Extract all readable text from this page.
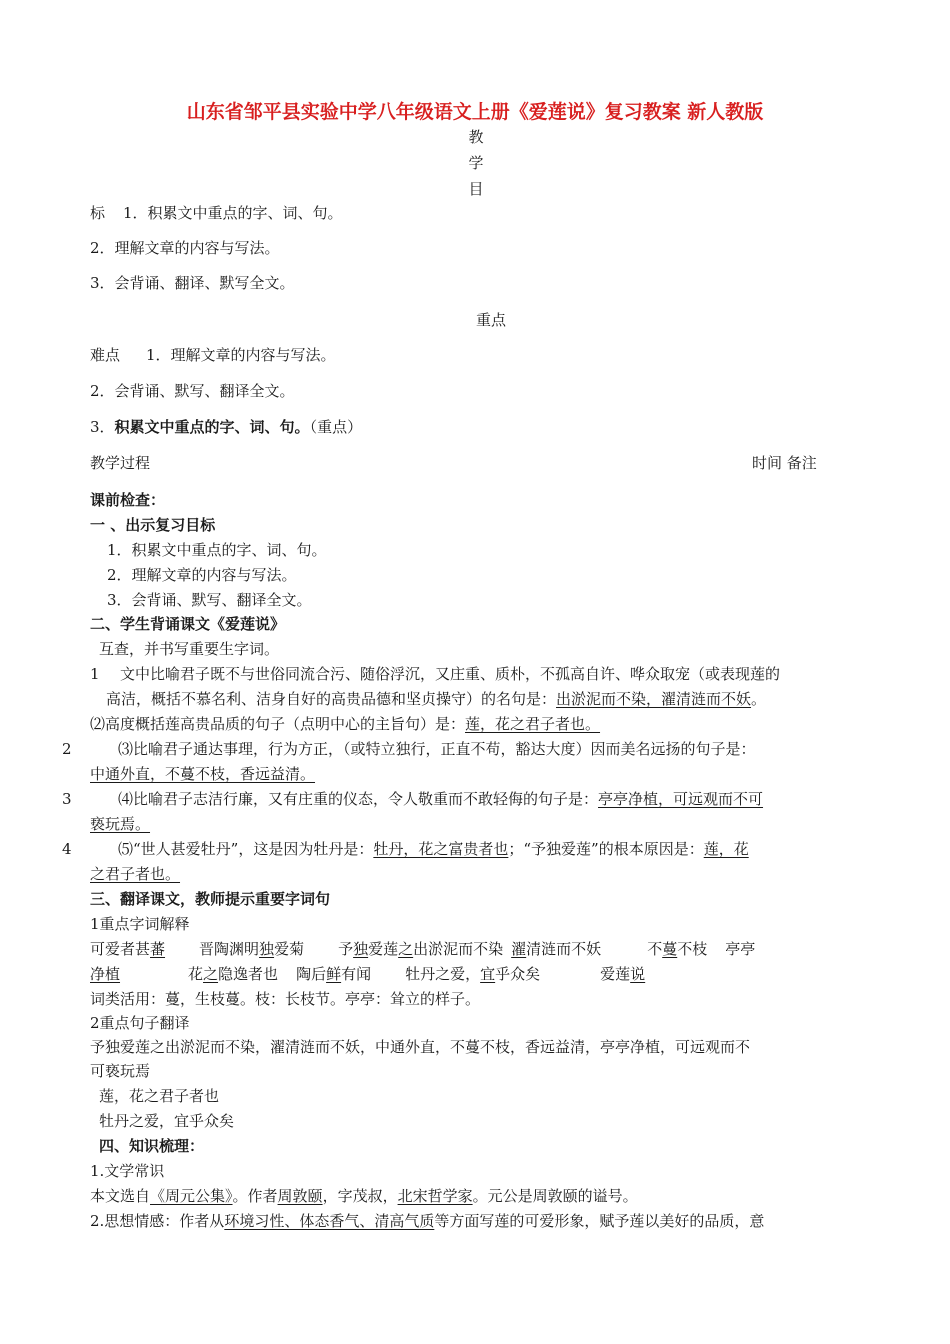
山东省邹平县实验中学八年级语文上册《爱莲说》复习教案 新人教版
教
学
目
标 1．积累文中重点的字、词、句。
2．理解文章的内容与写法。
3．会背诵、翻译、默写全文。
重点
难点 1．理解文章的内容与写法。
2．会背诵、默写、翻译全文。
3．积累文中重点的字、词、句。（重点）
教学过程	时间 备注
课前检查：
一 、出示复习目标
1．积累文中重点的字、词、句。
2．理解文章的内容与写法。
3．会背诵、默写、翻译全文。
二、学生背诵课文《爱莲说》
互查，并书写重要生字词。
1 文中比喻君子既不与世俗同流合污、随俗浮沉，又庄重、质朴，不孤高自许、哗众取宠（或表现莲的
高洁，概括不慕名利、洁身自好的高贵品德和坚贞操守）的名句是：出淤泥而不染，濯清涟而不妖。
⑵高度概括莲高贵品质的句子（点明中心的主旨句）是：莲，花之君子者也。
2	⑶比喻君子通达事理，行为方正，（或特立独行，正直不苟，豁达大度）因而美名远扬的句子是：
中通外直，不蔓不枝，香远益清。
3	⑷比喻君子志洁行廉，又有庄重的仪态，令人敬重而不敢轻侮的句子是：亭亭净植，可远观而不可
亵玩焉。
4	⑸“世人甚爱牡丹”，这是因为牡丹是：牡丹，花之富贵者也；“予独爱莲”的根本原因是：莲，花
之君子者也。
三、翻译课文，教师提示重要字词句
1重点字词解释
可爱者甚蕃 晋陶渊明独爱菊 予独爱莲之出淤泥而不染 濯清涟而不妖	不蔓不枝 亭亭
净植	花之隐逸者也 陶后鲜有闻 牡丹之爱，宜乎众矣	爱莲说
词类活用：蔓，生枝蔓。枝：长枝节。亭亭：耸立的样子。
2重点句子翻译
予独爱莲之出淤泥而不染，濯清涟而不妖，中通外直，不蔓不枝，香远益清，亭亭净植，可远观而不
可亵玩焉
莲，花之君子者也
牡丹之爱，宜乎众矣
四、知识梳理：
1.文学常识
本文选自《周元公集》。作者周敦颐，字茂叔，北宋哲学家。元公是周敦颐的谥号。
2.思想情感：作者从环境习性、体态香气、清高气质等方面写莲的可爱形象，赋予莲以美好的品质，意
